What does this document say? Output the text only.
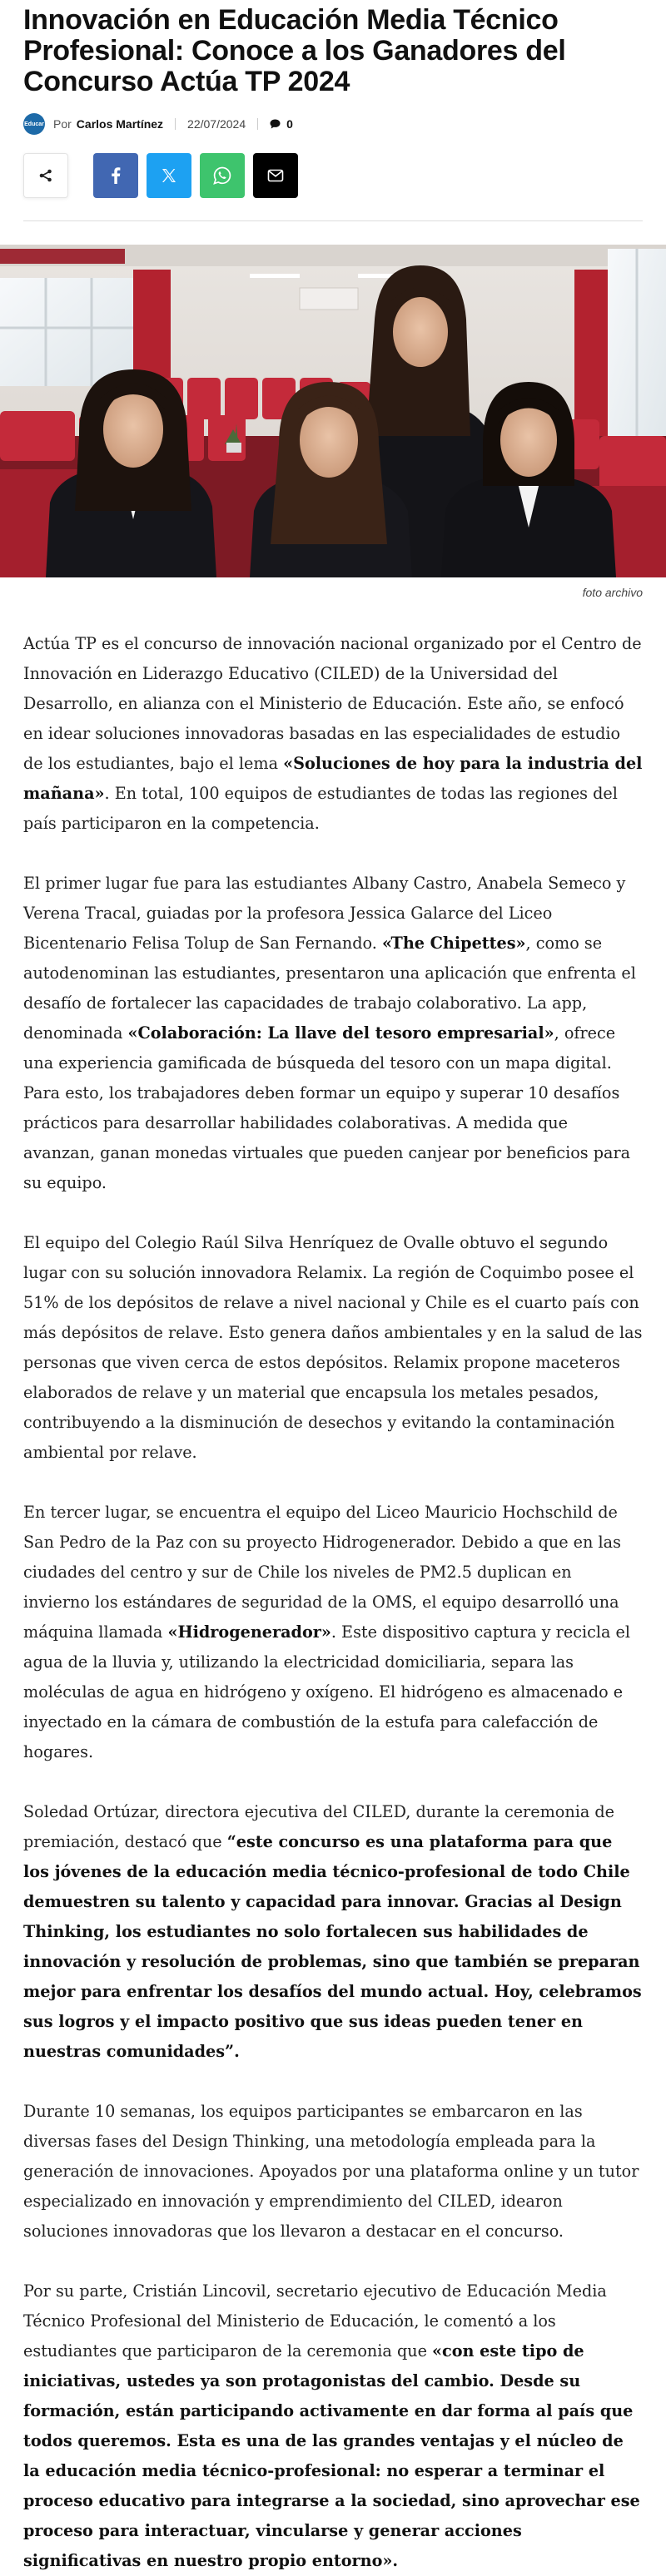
Innovación en Educación Media Técnico Profesional: Conoce a los Ganadores del Concurso Actúa TP 2024
Educar Por Carlos Martínez 22/07/2024	0
foto archivo

Actúa TP es el concurso de innovación nacional organizado por el Centro de Innovación en Liderazgo Educativo (CILED) de la Universidad del Desarrollo, en alianza con el Ministerio de Educación. Este año, se enfocó en idear soluciones innovadoras basadas en las especialidades de estudio de los estudiantes, bajo el lema «Soluciones de hoy para la industria del mañana». En total, 100 equipos de estudiantes de todas las regiones del país participaron en la competencia.

El primer lugar fue para las estudiantes Albany Castro, Anabela Semeco y Verena Tracal, guiadas por la profesora Jessica Galarce del Liceo Bicentenario Felisa Tolup de San Fernando. «The Chipettes», como se autodenominan las estudiantes, presentaron una aplicación que enfrenta el desafío de fortalecer las capacidades de trabajo colaborativo. La app, denominada «Colaboración: La llave del tesoro empresarial», ofrece una experiencia gamificada de búsqueda del tesoro con un mapa digital. Para esto, los trabajadores deben formar un equipo y superar 10 desafíos prácticos para desarrollar habilidades colaborativas. A medida que avanzan, ganan monedas virtuales que pueden canjear por beneficios para su equipo.

El equipo del Colegio Raúl Silva Henríquez de Ovalle obtuvo el segundo lugar con su solución innovadora Relamix. La región de Coquimbo posee el 51% de los depósitos de relave a nivel nacional y Chile es el cuarto país con más depósitos de relave. Esto genera daños ambientales y en la salud de las personas que viven cerca de estos depósitos. Relamix propone maceteros elaborados de relave y un material que encapsula los metales pesados, contribuyendo a la disminución de desechos y evitando la contaminación ambiental por relave.

En tercer lugar, se encuentra el equipo del Liceo Mauricio Hochschild de San Pedro de la Paz con su proyecto Hidrogenerador. Debido a que en las ciudades del centro y sur de Chile los niveles de PM2.5 duplican en invierno los estándares de seguridad de la OMS, el equipo desarrolló una máquina llamada «Hidrogenerador». Este dispositivo captura y recicla el agua de la lluvia y, utilizando la electricidad domiciliaria, separa las moléculas de agua en hidrógeno y oxígeno. El hidrógeno es almacenado e inyectado en la cámara de combustión de la estufa para calefacción de hogares.

Soledad Ortúzar, directora ejecutiva del CILED, durante la ceremonia de premiación, destacó que “este concurso es una plataforma para que los jóvenes de la educación media técnico-profesional de todo Chile demuestren su talento y capacidad para innovar. Gracias al Design Thinking, los estudiantes no solo fortalecen sus habilidades de innovación y resolución de problemas, sino que también se preparan mejor para enfrentar los desafíos del mundo actual. Hoy, celebramos sus logros y el impacto positivo que sus ideas pueden tener en nuestras comunidades”.

Durante 10 semanas, los equipos participantes se embarcaron en las diversas fases del Design Thinking, una metodología empleada para la generación de innovaciones. Apoyados por una plataforma online y un tutor especializado en innovación y emprendimiento del CILED, idearon soluciones innovadoras que los llevaron a destacar en el concurso.

Por su parte, Cristián Lincovil, secretario ejecutivo de Educación Media Técnico Profesional del Ministerio de Educación, le comentó a los estudiantes que participaron de la ceremonia que «con este tipo de iniciativas, ustedes ya son protagonistas del cambio. Desde su formación, están participando activamente en dar forma al país que todos queremos. Esta es una de las grandes ventajas y el núcleo de la educación media técnico-profesional: no esperar a terminar el proceso educativo para integrarse a la sociedad, sino aprovechar ese proceso para interactuar, vincularse y generar acciones significativas en nuestro propio entorno».
